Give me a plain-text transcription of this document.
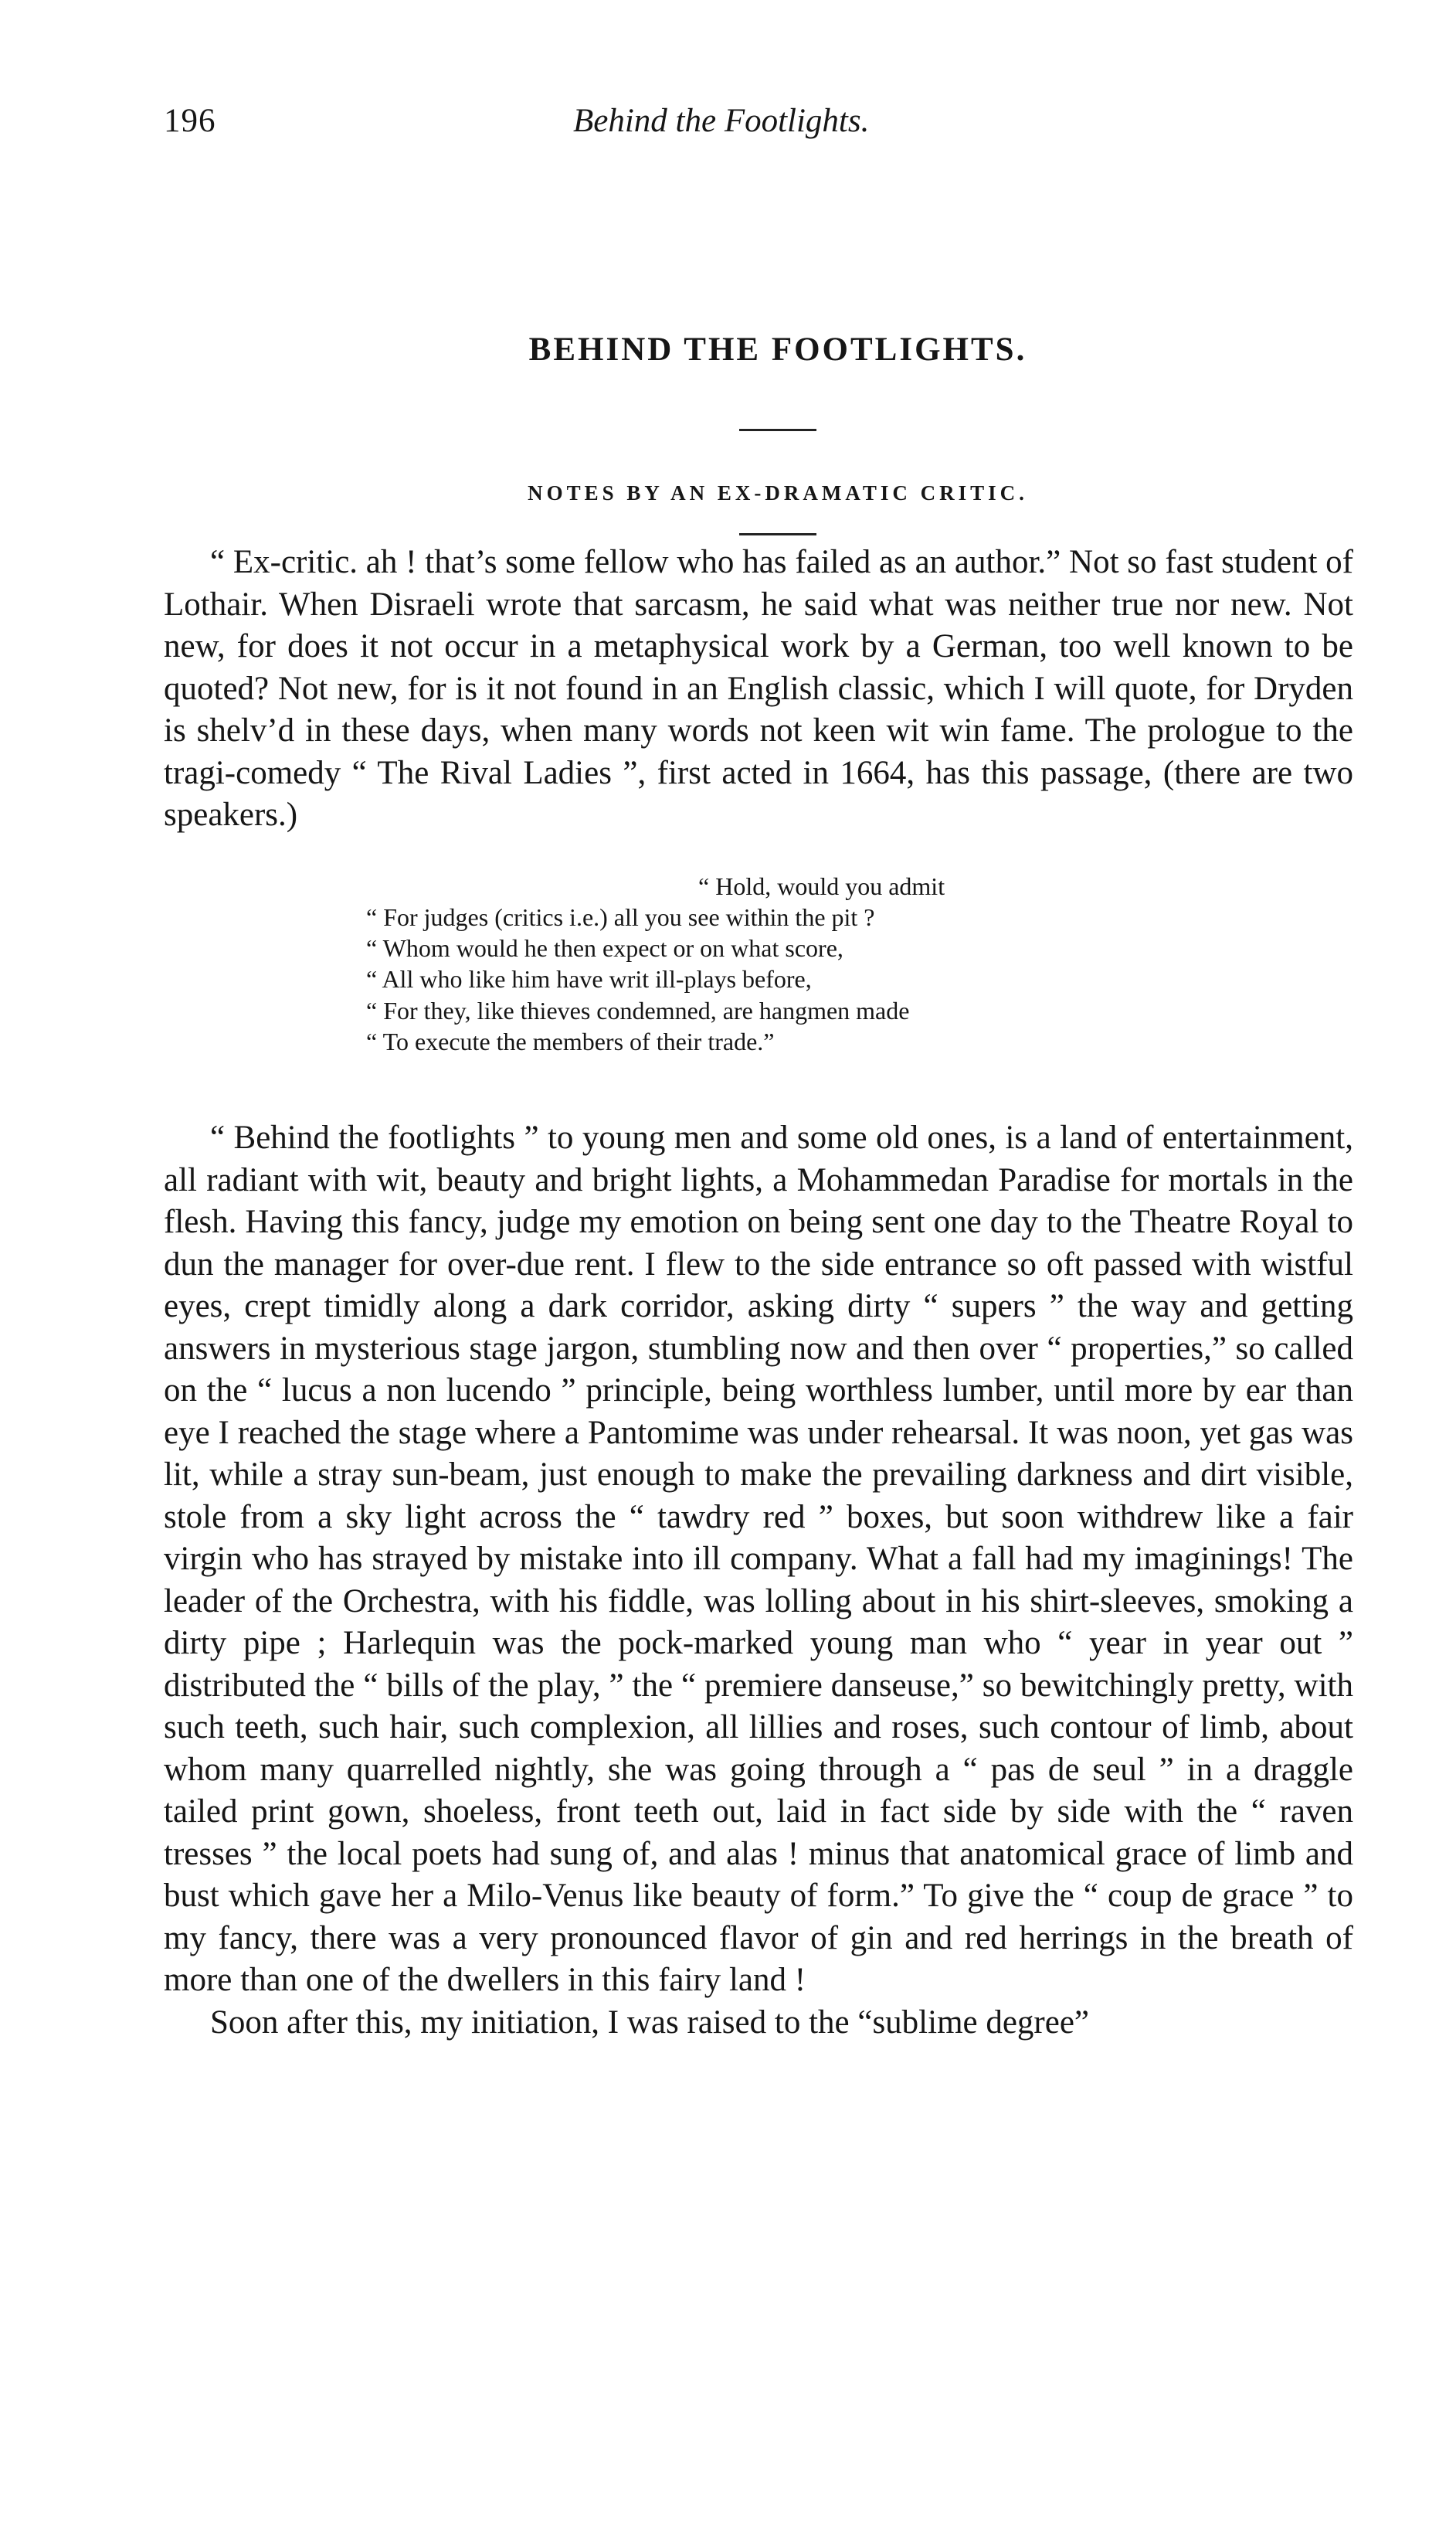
196	Behind the Footlights.
BEHIND THE FOOTLIGHTS.
NOTES BY AN EX-DRAMATIC CRITIC.

“ Ex-critic. ah ! that’s some fellow who has failed as an author.” Not so fast student of Lothair. When Disraeli wrote that sarcasm, he said what was neither true nor new. Not new, for does it not occur in a metaphysical work by a German, too well known to be quoted? Not new, for is it not found in an English classic, which I will quote, for Dryden is shelv’d in these days, when many words not keen wit win fame. The prologue to the tragi-comedy “ The Rival Ladies ”, first acted in 1664, has this passage, (there are two speakers.)

“ Hold, would you admit
“ For judges (critics i.e.) all you see within the pit ?
“ Whom would he then expect or on what score,
“ All who like him have writ ill-plays before,
“ For they, like thieves condemned, are hangmen made
“ To execute the members of their trade.”

“ Behind the footlights ” to young men and some old ones, is a land of entertainment, all radiant with wit, beauty and bright lights, a Mohammedan Paradise for mortals in the flesh. Having this fancy, judge my emotion on being sent one day to the Theatre Royal to dun the manager for over-due rent. I flew to the side entrance so oft passed with wistful eyes, crept timidly along a dark corridor, asking dirty “ supers ” the way and getting answers in mysterious stage jargon, stumbling now and then over “ properties,” so called on the “ lucus a non lucendo ” principle, being worthless lumber, until more by ear than eye I reached the stage where a Pantomime was under rehearsal. It was noon, yet gas was lit, while a stray sun-beam, just enough to make the prevailing darkness and dirt visible, stole from a sky light across the “ tawdry red ” boxes, but soon withdrew like a fair virgin who has strayed by mistake into ill company. What a fall had my imaginings! The leader of the Orchestra, with his fiddle, was lolling about in his shirt-sleeves, smoking a dirty pipe ; Harlequin was the pock-marked young man who “ year in year out ” distributed the “ bills of the play, ” the “ premiere danseuse,” so bewitchingly pretty, with such teeth, such hair, such complexion, all lillies and roses, such contour of limb, about whom many quarrelled nightly, she was going through a “ pas de seul ” in a draggle tailed print gown, shoeless, front teeth out, laid in fact side by side with the “ raven tresses ” the local poets had sung of, and alas ! minus that anatomical grace of limb and bust which gave her a Milo-Venus like beauty of form.” To give the “ coup de grace ” to my fancy, there was a very pronounced flavor of gin and red herrings in the breath of more than one of the dwellers in this fairy land !

Soon after this, my initiation, I was raised to the “sublime degree”
